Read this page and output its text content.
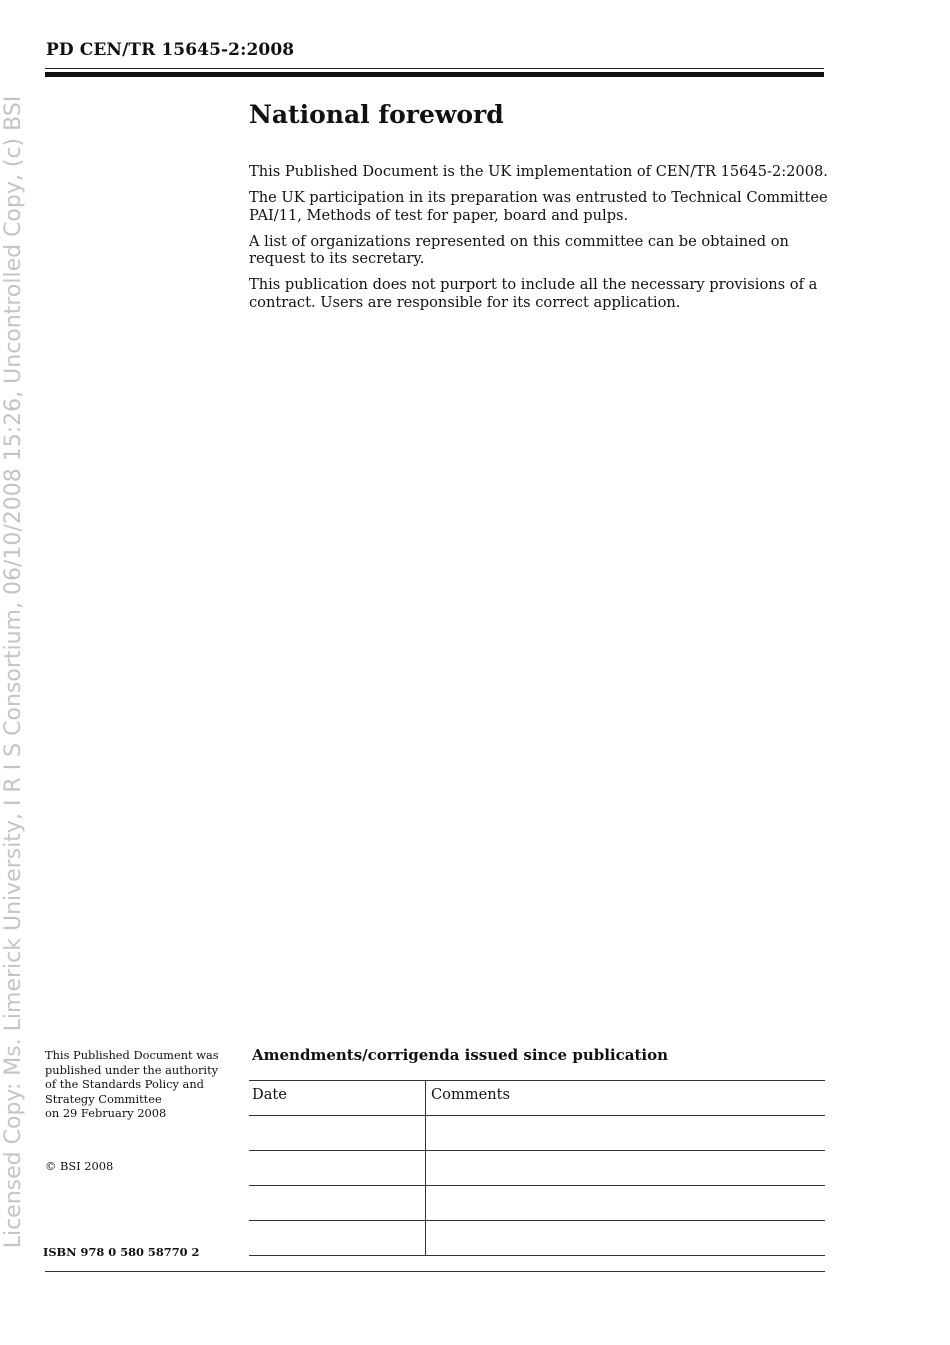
Licensed Copy: Ms. Limerick University, I R I S Consortium, 06/10/2008 15:26, Uncontrolled Copy, (c) BSI
PD CEN/TR 15645-2:2008
National foreword

This Published Document is the UK implementation of CEN/TR 15645-2:2008.

The UK participation in its preparation was entrusted to Technical Committee PAI/11, Methods of test for paper, board and pulps.

A list of organizations represented on this committee can be obtained on request to its secretary.

This publication does not purport to include all the necessary provisions of a contract. Users are responsible for its correct application.

This Published Document was
published under the authority
of the Standards Policy and
Strategy Committee
on 29 February 2008
© BSI 2008
ISBN 978 0 580 58770 2
Amendments/corrigenda issued since publication
Date	Comments
